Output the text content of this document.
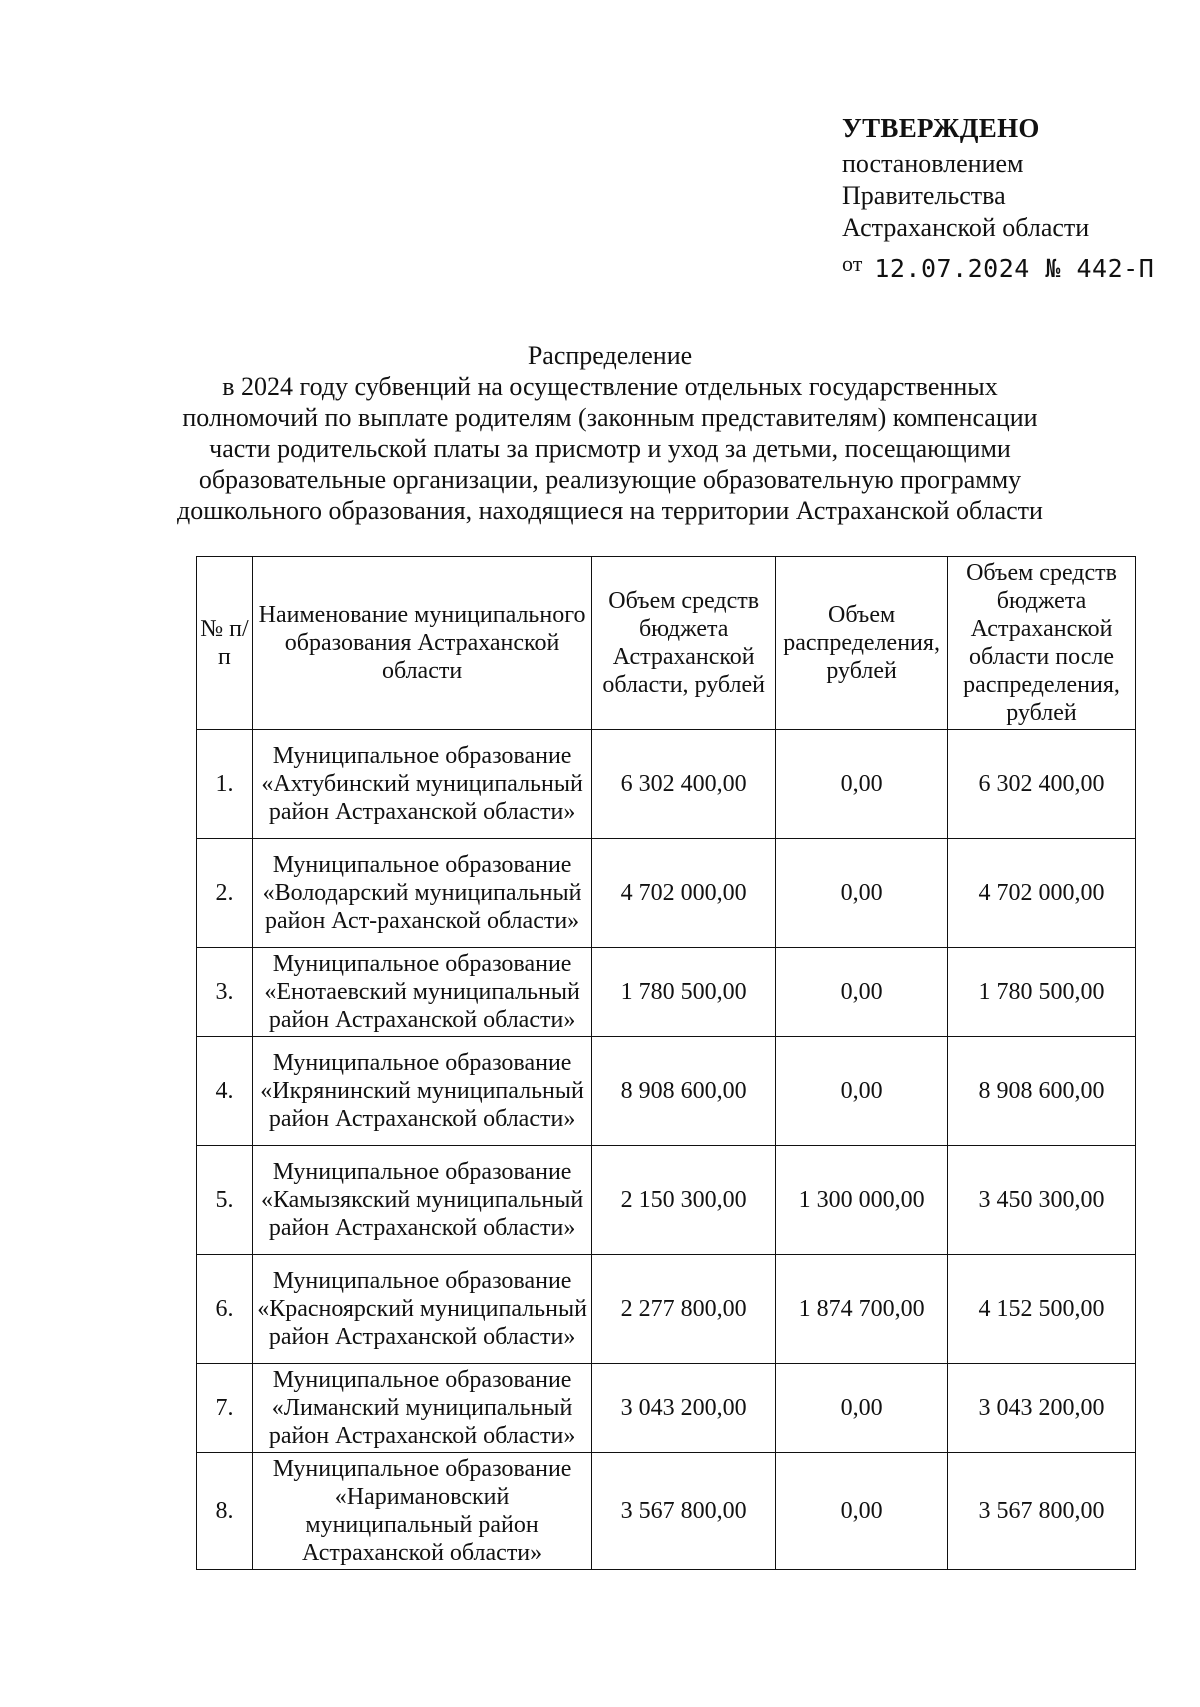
УТВЕРЖДЕНО
постановлением
Правительства
Астраханской области
$^{от}$ 12.07.2024 № 442-П
Распределение
в 2024 году субвенций на осуществление отдельных государственных
полномочий по выплате родителям (законным представителям) компенсации
части родительской платы за присмотр и уход за детьми, посещающими
образовательные организации, реализующие образовательную программу
дошкольного образования, находящиеся на территории Астраханской области
№ п/п	Наименование муниципального образования Астраханской области	Объем средств бюджета Астраханской области, рублей	Объем распределения, рублей	Объем средств бюджета Астраханской области после распределения, рублей
1.	Муниципальное образование «Ахтубинский муниципальный район Астраханской области»	6 302 400,00	0,00	6 302 400,00
2.	Муниципальное образование «Володарский муниципальный район Аст-раханской области»	4 702 000,00	0,00	4 702 000,00
3.	Муниципальное образование «Енотаевский муниципальный район Астраханской области»	1 780 500,00	0,00	1 780 500,00
4.	Муниципальное образование «Икрянинский муниципальный район Астраханской области»	8 908 600,00	0,00	8 908 600,00
5.	Муниципальное образование «Камызякский муниципальный район Астраханской области»	2 150 300,00	1 300 000,00	3 450 300,00
6.	Муниципальное образование «Красноярский муниципальный район Астраханской области»	2 277 800,00	1 874 700,00	4 152 500,00
7.	Муниципальное образование «Лиманский муниципальный район Астраханской области»	3 043 200,00	0,00	3 043 200,00
8.	Муниципальное образование «Наримановский муниципальный район Астраханской области»	3 567 800,00	0,00	3 567 800,00
